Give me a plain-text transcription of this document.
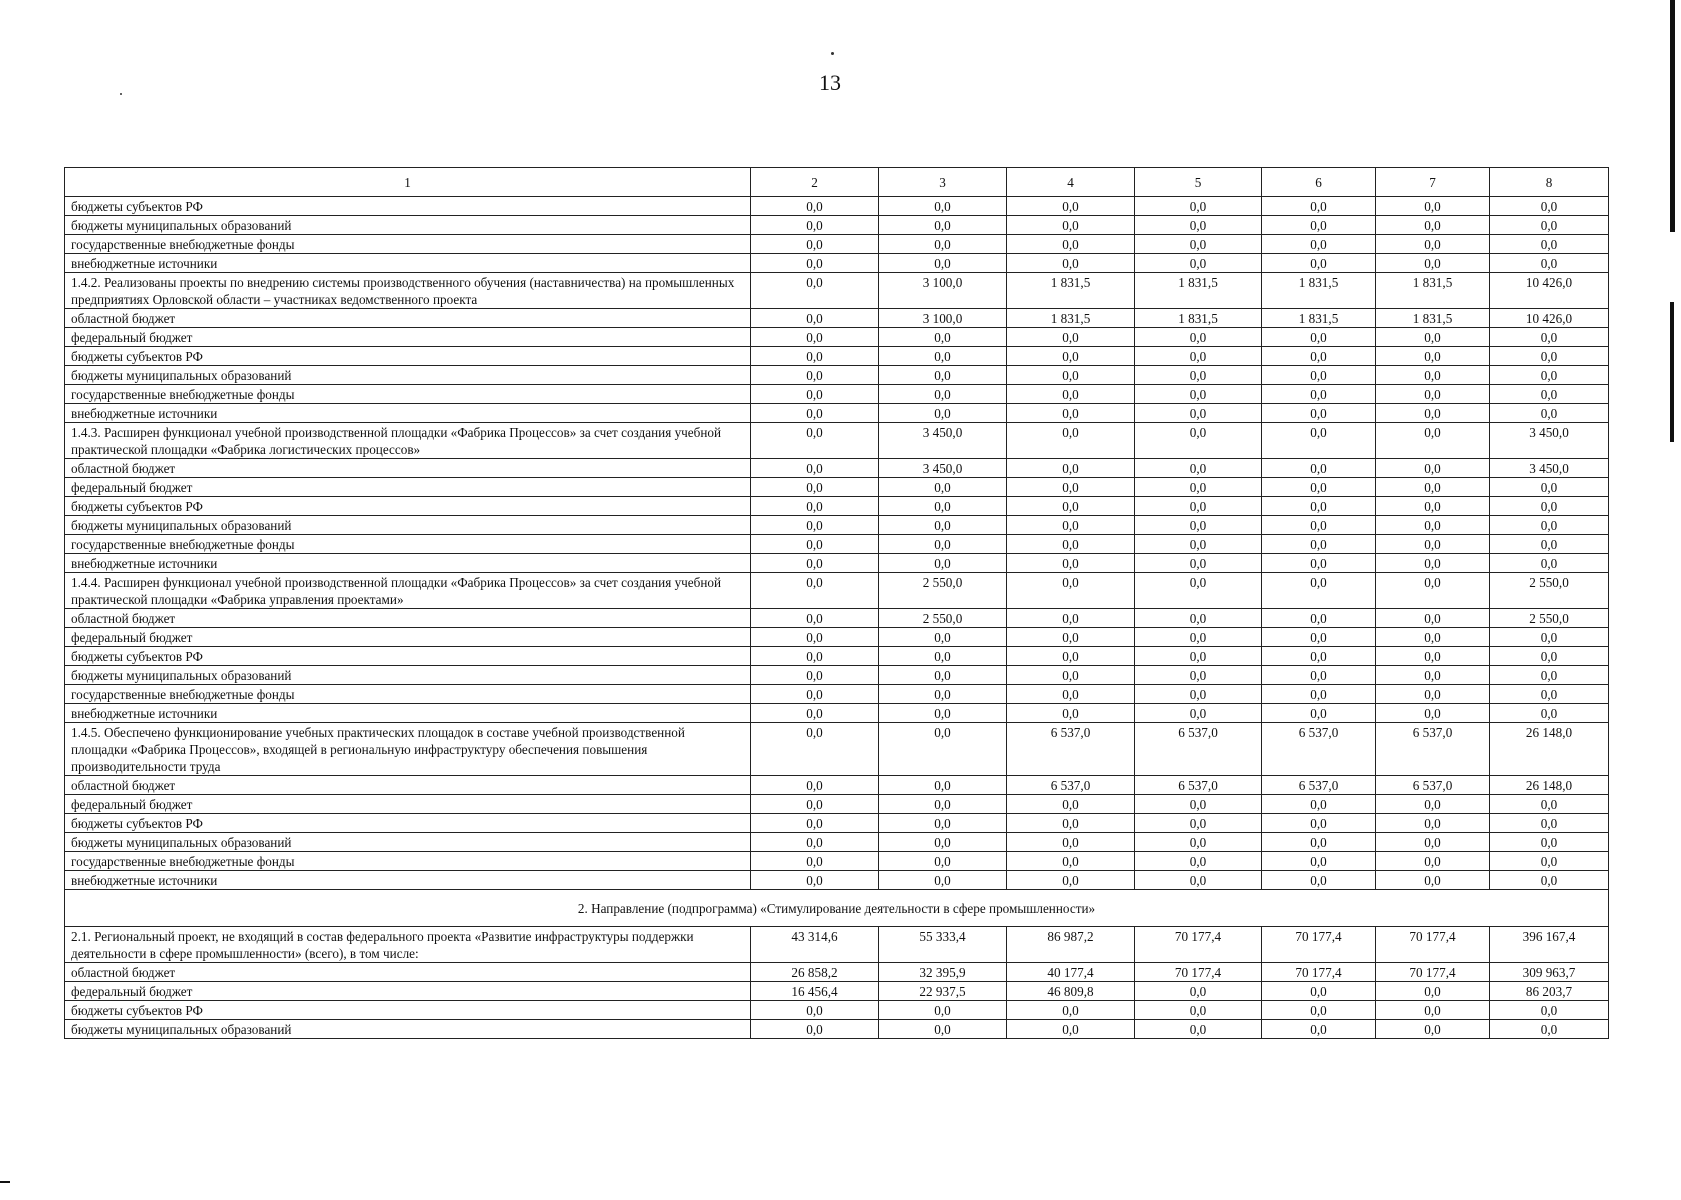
13
1	2	3	4	5	6	7	8
бюджеты субъектов РФ	0,0	0,0	0,0	0,0	0,0	0,0	0,0
бюджеты муниципальных образований	0,0	0,0	0,0	0,0	0,0	0,0	0,0
государственные внебюджетные фонды	0,0	0,0	0,0	0,0	0,0	0,0	0,0
внебюджетные источники	0,0	0,0	0,0	0,0	0,0	0,0	0,0
1.4.2. Реализованы проекты по внедрению системы производственного обучения (наставничества) на промышленных предприятиях Орловской области – участниках ведомственного проекта	0,0	3 100,0	1 831,5	1 831,5	1 831,5	1 831,5	10 426,0
областной бюджет	0,0	3 100,0	1 831,5	1 831,5	1 831,5	1 831,5	10 426,0
федеральный бюджет	0,0	0,0	0,0	0,0	0,0	0,0	0,0
бюджеты субъектов РФ	0,0	0,0	0,0	0,0	0,0	0,0	0,0
бюджеты муниципальных образований	0,0	0,0	0,0	0,0	0,0	0,0	0,0
государственные внебюджетные фонды	0,0	0,0	0,0	0,0	0,0	0,0	0,0
внебюджетные источники	0,0	0,0	0,0	0,0	0,0	0,0	0,0
1.4.3. Расширен функционал учебной производственной площадки «Фабрика Процессов» за счет создания учебной практической площадки «Фабрика логистических процессов»	0,0	3 450,0	0,0	0,0	0,0	0,0	3 450,0
областной бюджет	0,0	3 450,0	0,0	0,0	0,0	0,0	3 450,0
федеральный бюджет	0,0	0,0	0,0	0,0	0,0	0,0	0,0
бюджеты субъектов РФ	0,0	0,0	0,0	0,0	0,0	0,0	0,0
бюджеты муниципальных образований	0,0	0,0	0,0	0,0	0,0	0,0	0,0
государственные внебюджетные фонды	0,0	0,0	0,0	0,0	0,0	0,0	0,0
внебюджетные источники	0,0	0,0	0,0	0,0	0,0	0,0	0,0
1.4.4. Расширен функционал учебной производственной площадки «Фабрика Процессов» за счет создания учебной практической площадки «Фабрика управления проектами»	0,0	2 550,0	0,0	0,0	0,0	0,0	2 550,0
областной бюджет	0,0	2 550,0	0,0	0,0	0,0	0,0	2 550,0
федеральный бюджет	0,0	0,0	0,0	0,0	0,0	0,0	0,0
бюджеты субъектов РФ	0,0	0,0	0,0	0,0	0,0	0,0	0,0
бюджеты муниципальных образований	0,0	0,0	0,0	0,0	0,0	0,0	0,0
государственные внебюджетные фонды	0,0	0,0	0,0	0,0	0,0	0,0	0,0
внебюджетные источники	0,0	0,0	0,0	0,0	0,0	0,0	0,0
1.4.5. Обеспечено функционирование учебных практических площадок в составе учебной производственной площадки «Фабрика Процессов», входящей в региональную инфраструктуру обеспечения повышения производительности труда	0,0	0,0	6 537,0	6 537,0	6 537,0	6 537,0	26 148,0
областной бюджет	0,0	0,0	6 537,0	6 537,0	6 537,0	6 537,0	26 148,0
федеральный бюджет	0,0	0,0	0,0	0,0	0,0	0,0	0,0
бюджеты субъектов РФ	0,0	0,0	0,0	0,0	0,0	0,0	0,0
бюджеты муниципальных образований	0,0	0,0	0,0	0,0	0,0	0,0	0,0
государственные внебюджетные фонды	0,0	0,0	0,0	0,0	0,0	0,0	0,0
внебюджетные источники	0,0	0,0	0,0	0,0	0,0	0,0	0,0
2. Направление (подпрограмма) «Стимулирование деятельности в сфере промышленности»							
2.1. Региональный проект, не входящий в состав федерального проекта «Развитие инфраструктуры поддержки деятельности в сфере промышленности» (всего), в том числе:	43 314,6	55 333,4	86 987,2	70 177,4	70 177,4	70 177,4	396 167,4
областной бюджет	26 858,2	32 395,9	40 177,4	70 177,4	70 177,4	70 177,4	309 963,7
федеральный бюджет	16 456,4	22 937,5	46 809,8	0,0	0,0	0,0	86 203,7
бюджеты субъектов РФ	0,0	0,0	0,0	0,0	0,0	0,0	0,0
бюджеты муниципальных образований	0,0	0,0	0,0	0,0	0,0	0,0	0,0
